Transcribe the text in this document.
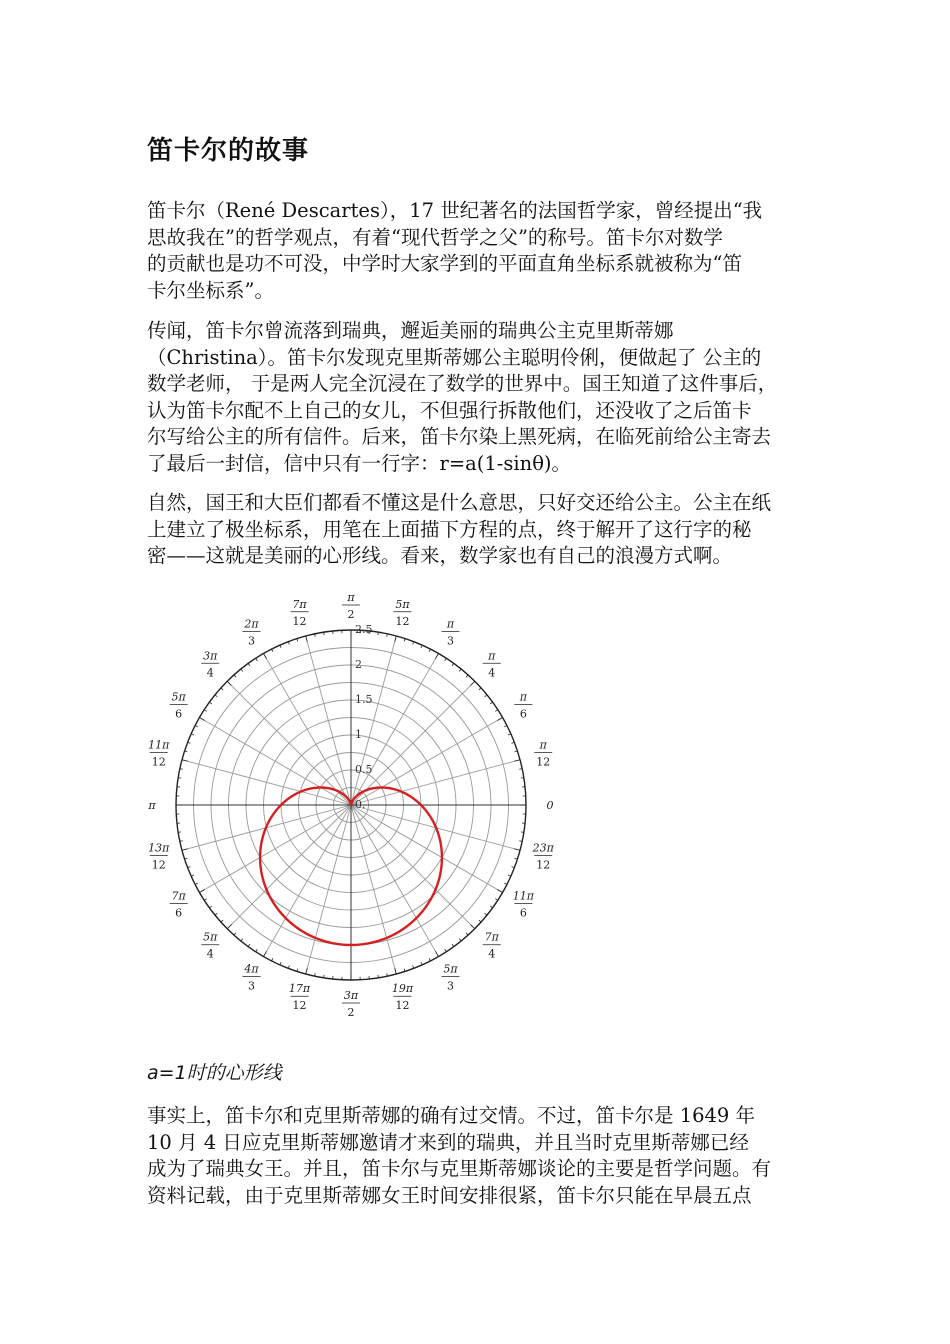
笛卡尔的故事

笛卡尔（René Descartes），17 世纪著名的法国哲学家，曾经提出“我
思故我在”的哲学观点，有着“现代哲学之父”的称号。笛卡尔对数学
的贡献也是功不可没，中学时大家学到的平面直角坐标系就被称为“笛
卡尔坐标系”。

传闻，笛卡尔曾流落到瑞典，邂逅美丽的瑞典公主克里斯蒂娜
（Christina）。笛卡尔发现克里斯蒂娜公主聪明伶俐，便做起了 公主的
数学老师， 于是两人完全沉浸在了数学的世界中。国王知道了这件事后，
认为笛卡尔配不上自己的女儿，不但强行拆散他们，还没收了之后笛卡
尔写给公主的所有信件。后来，笛卡尔染上黑死病，在临死前给公主寄去
了最后一封信，信中只有一行字：r=a(1-sinθ)。

自然，国王和大臣们都看不懂这是什么意思，只好交还给公主。公主在纸
上建立了极坐标系，用笔在上面描下方程的点，终于解开了这行字的秘
密——这就是美丽的心形线。看来，数学家也有自己的浪漫方式啊。

0.
0.5
1
1.5
2
2.5
0
π
12
π
6
π
4
π
3
5π
12
π
2
7π
12
2π
3
3π
4
5π
6
11π
12
π
13π
12
7π
6
5π
4
4π
3	17π
12
3π
2
19π
12
5π
3
7π
4
11π
6
23π
12
a=1时的心形线

事实上，笛卡尔和克里斯蒂娜的确有过交情。不过，笛卡尔是 1649 年
10 月 4 日应克里斯蒂娜邀请才来到的瑞典，并且当时克里斯蒂娜已经
成为了瑞典女王。并且，笛卡尔与克里斯蒂娜谈论的主要是哲学问题。有
资料记载，由于克里斯蒂娜女王时间安排很紧，笛卡尔只能在早晨五点
